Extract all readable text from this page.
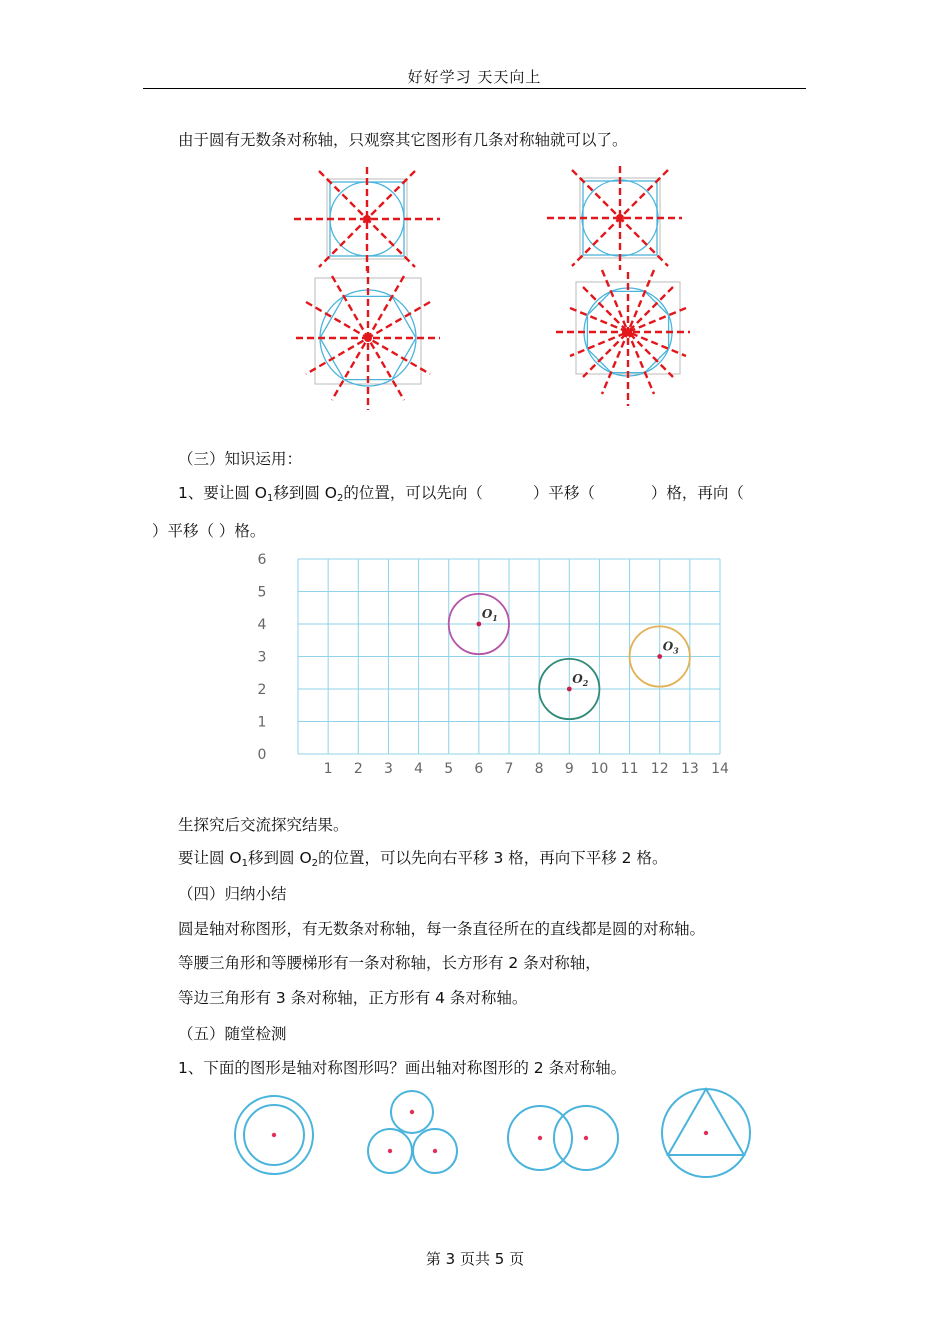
好好学习 天天向上
由于圆有无数条对称轴，只观察其它图形有几条对称轴就可以了。
（三）知识运用：
1、要让圆 $O_1$移到圆 $O_2$的位置，可以先向（	）平移（	）格，再向（
）平移（ ）格。
1 2 3 4 5 6 7 8 9 10 11 12 13 14
0
1
2
3
4
5
6
$O_1$
$O_2$
$O_3$
生探究后交流探究结果。
要让圆 $O_1$移到圆 $O_2$的位置，可以先向右平移 3 格，再向下平移 2 格。
（四）归纳小结
圆是轴对称图形，有无数条对称轴，每一条直径所在的直线都是圆的对称轴。
等腰三角形和等腰梯形有一条对称轴，长方形有 2 条对称轴，
等边三角形有 3 条对称轴，正方形有 4 条对称轴。
（五）随堂检测
1、下面的图形是轴对称图形吗？画出轴对称图形的 2 条对称轴。
第 3 页共 5 页
